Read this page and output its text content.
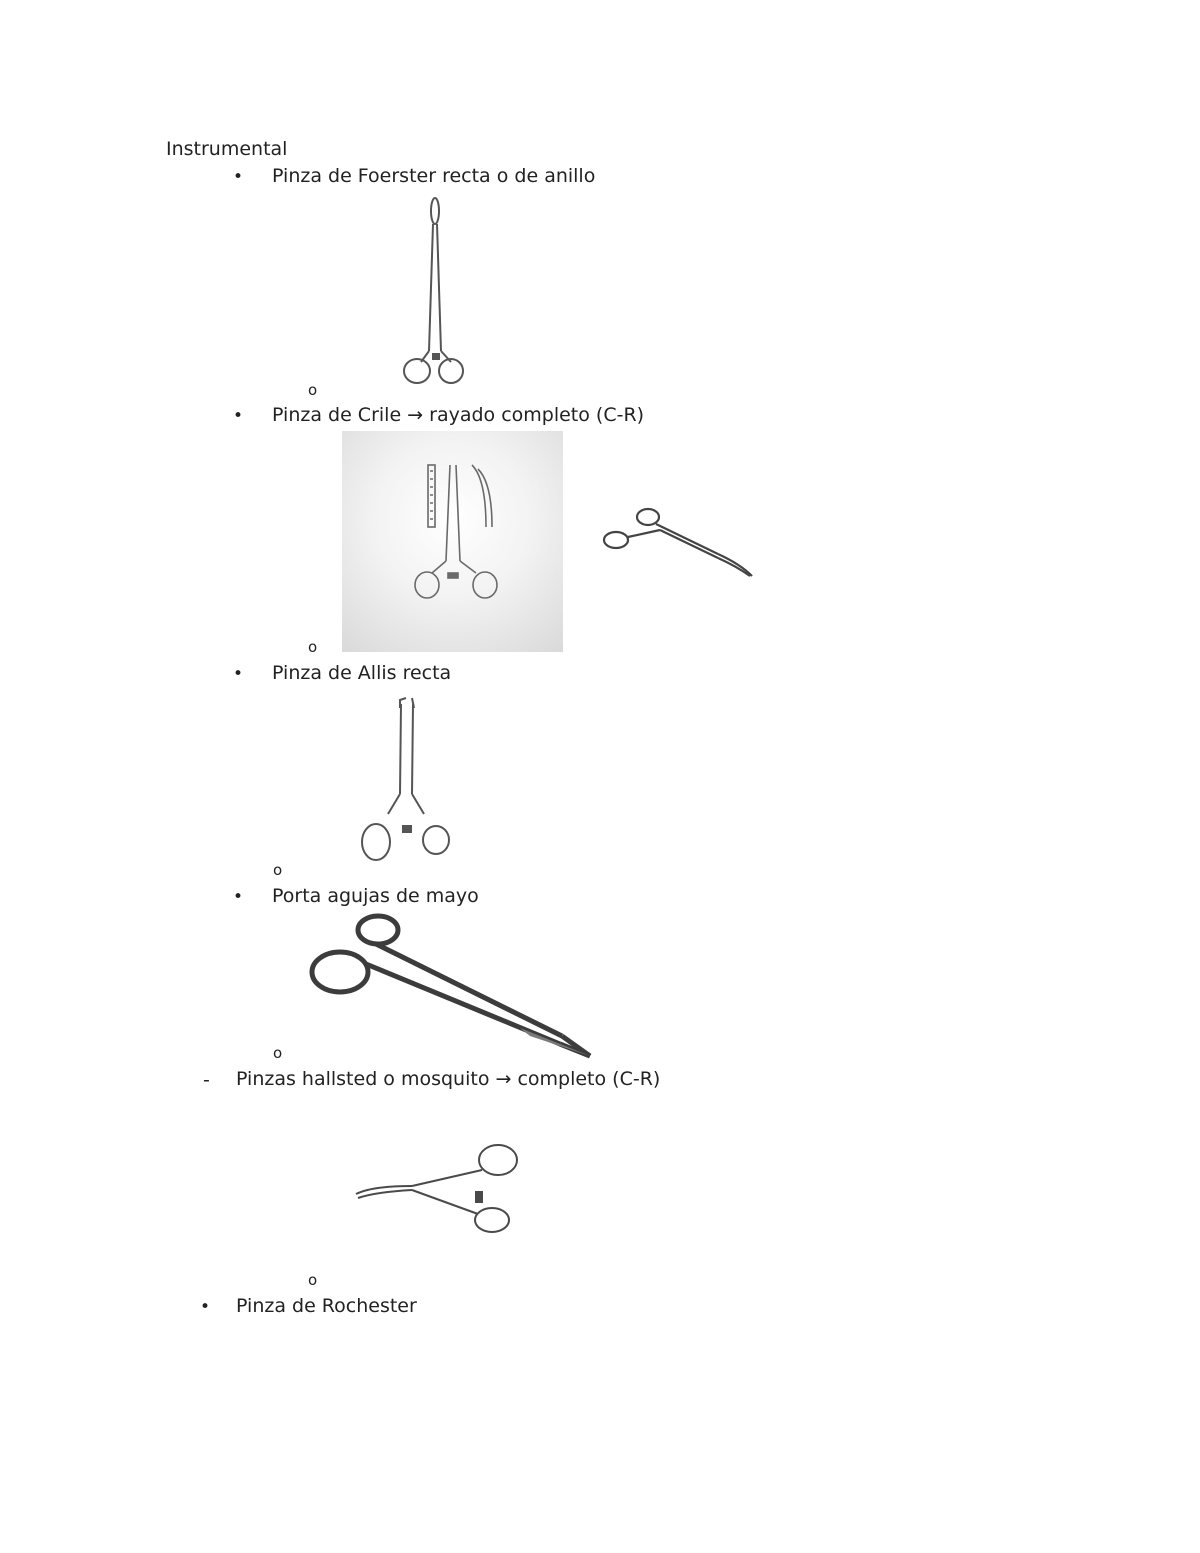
Instrumental
• Pinza de Foerster recta o de anillo
o
• Pinza de Crile → rayado completo (C-R)
o
• Pinza de Allis recta
o
• Porta agujas de mayo
o
- Pinzas hallsted o mosquito → completo (C-R)
o
• Pinza de Rochester
